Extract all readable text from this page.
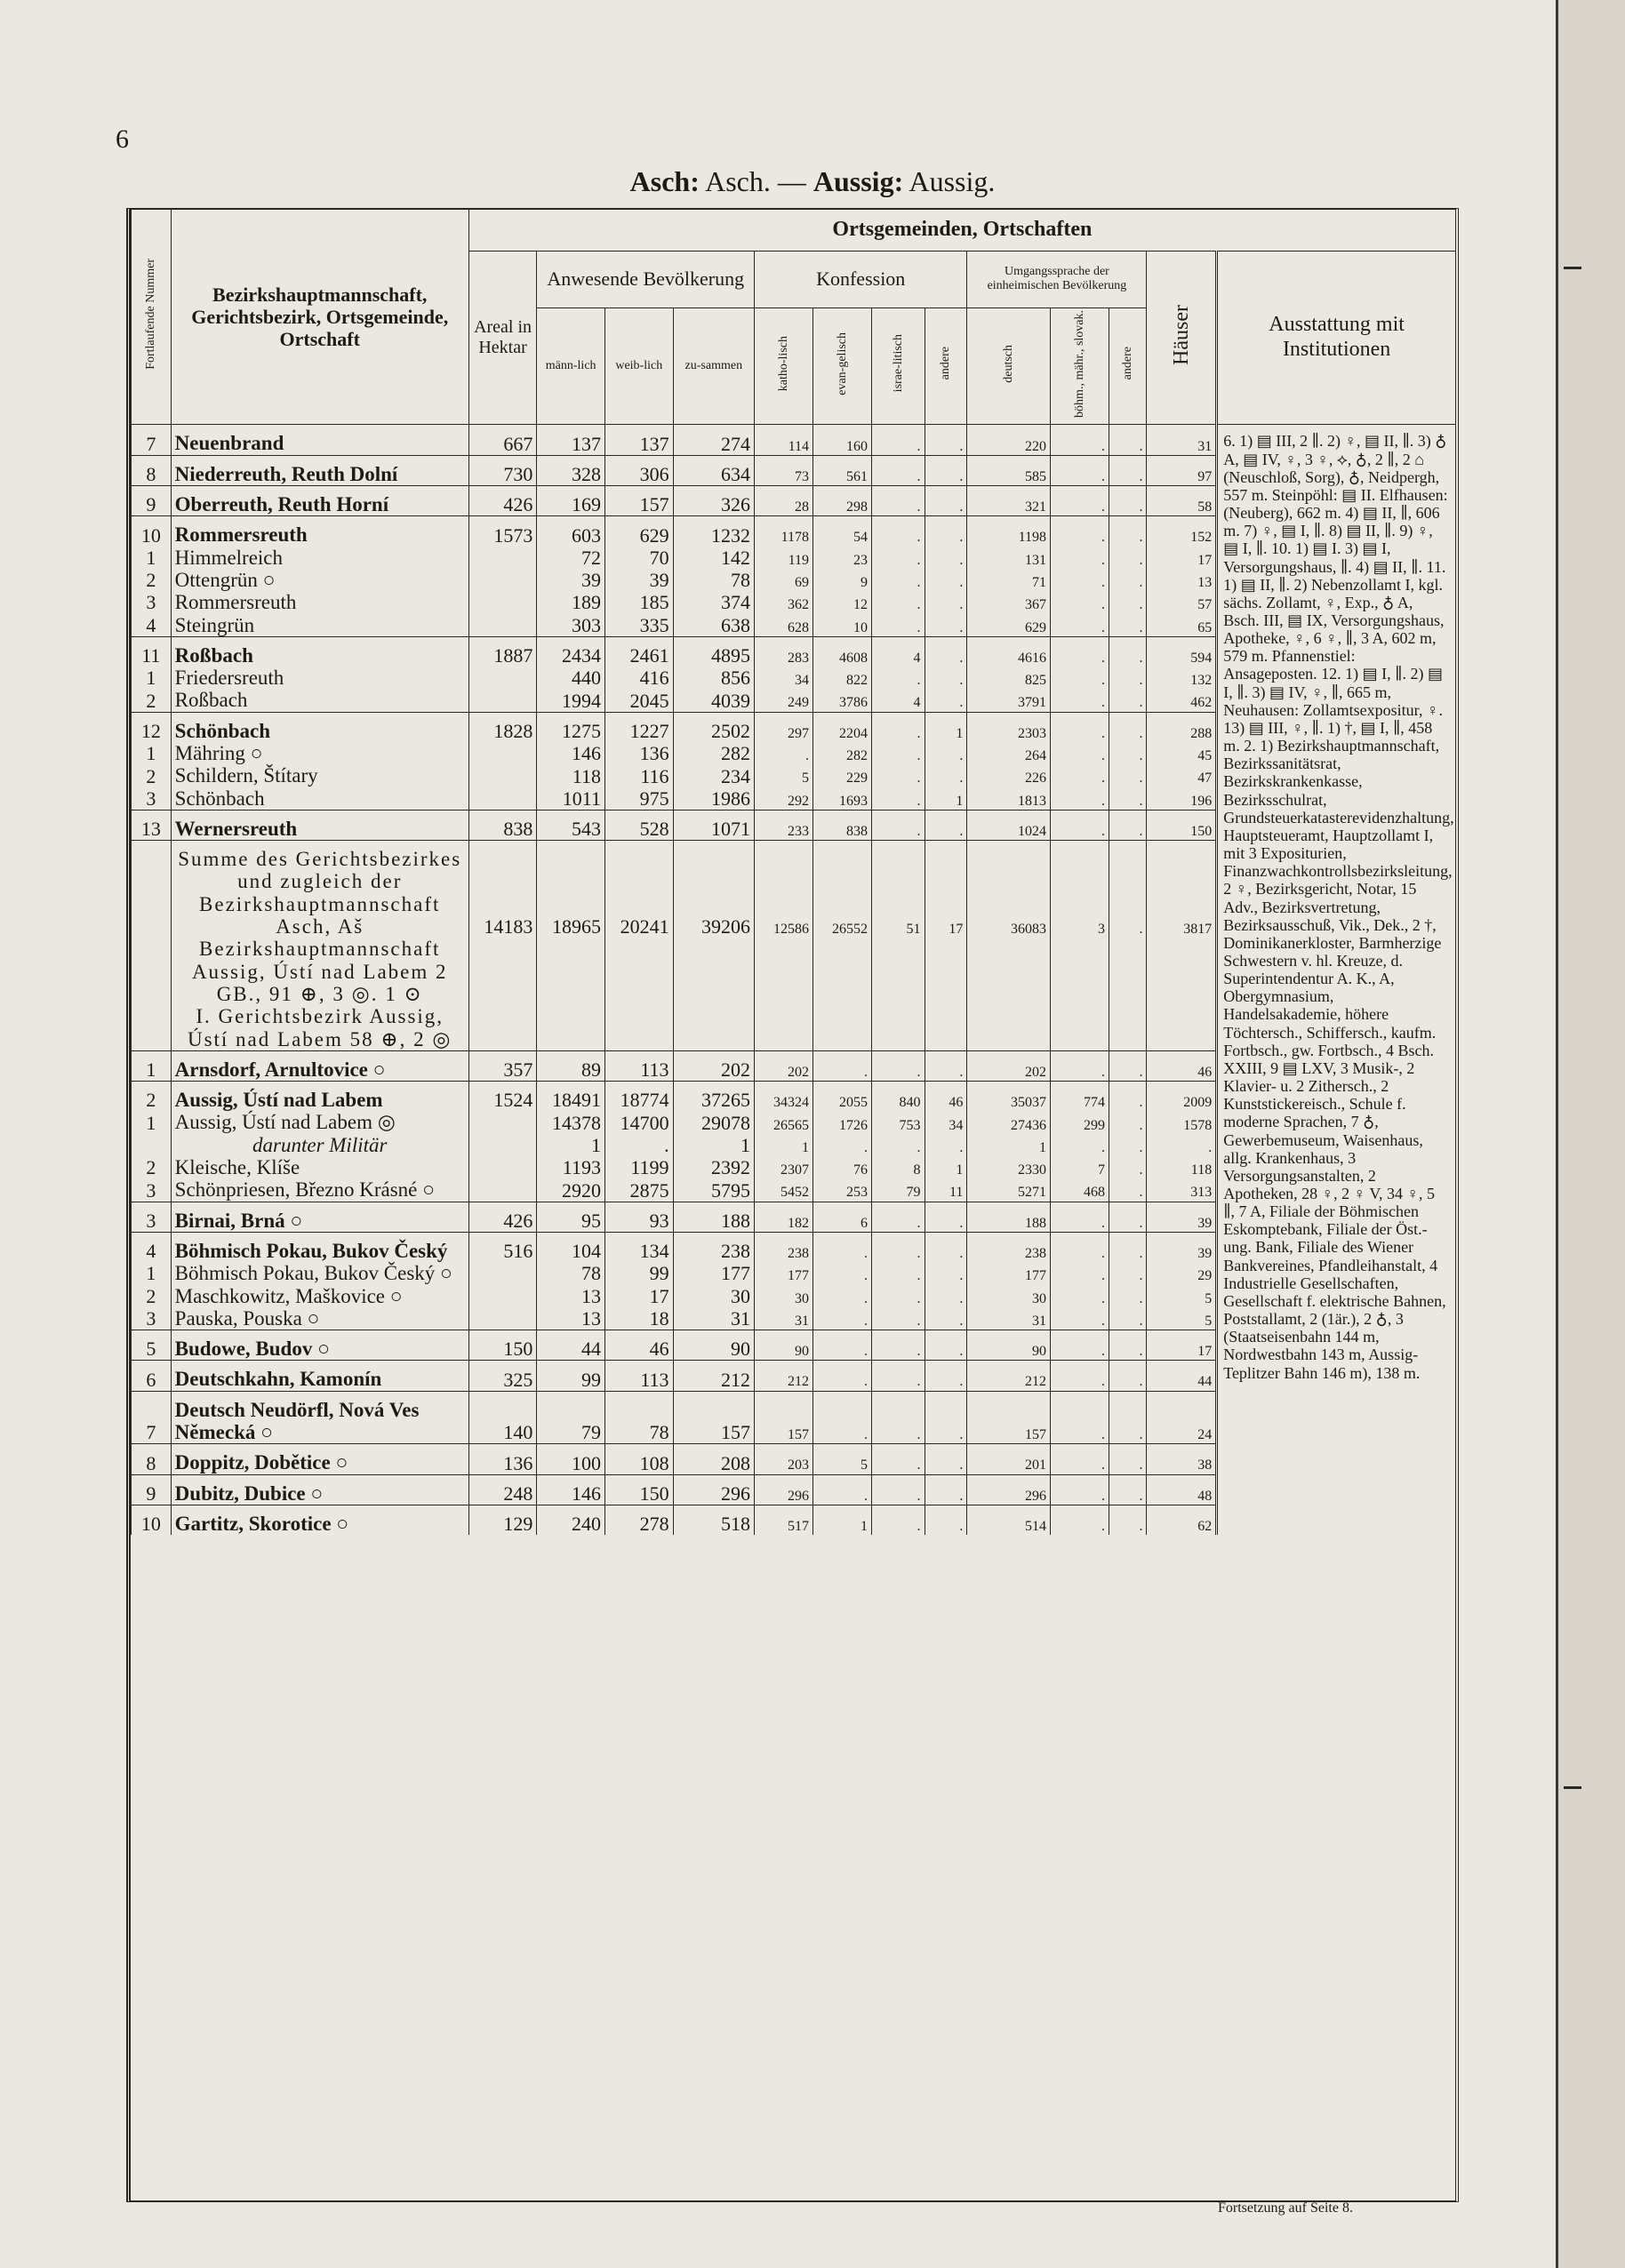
6
Asch: Asch. — Aussig: Aussig.
Fortlaufende Nummer	Bezirkshauptmannschaft, Gerichtsbezirk, Ortsgemeinde, Ortschaft	Ortsgemeinden, Ortschaften												
		Areal in Hektar	Anwesende Bevölkerung			Konfession				Umgangssprache der einheimischen Bevölkerung			Häuser	Ausstattung mit Institutionen
			männ-lich	weib-lich	zu-sammen	katho-lisch	evan-gelisch	israe-litisch	andere	deutsch	böhm., mähr., slovak.	andere		
7	Neuenbrand	667	137	137	274	114	160	.	.	220	.	.	31	6. 1) ▤ III, 2 ∥. 2) ♀, ▤ II, ∥. 3) ♁ A, ▤ IV, ♀, 3 ♀, ⟡, ♁, 2 ∥, 2 ⌂ (Neuschloß, Sorg), ♁, Neidpergh, 557 m. Steinpöhl: ▤ II. Elfhausen: (Neuberg), 662 m. 4) ▤ II, ∥, 606 m. 7) ♀, ▤ I, ∥. 8) ▤ II, ∥. 9) ♀, ▤ I, ∥. 10. 1) ▤ I. 3) ▤ I, Versorgungshaus, ∥. 4) ▤ II, ∥. 11. 1) ▤ II, ∥. 2) Nebenzollamt I, kgl. sächs. Zollamt, ♀, Exp., ♁ A, Bsch. III, ▤ IX, Versorgungshaus, Apotheke, ♀, 6 ♀, ∥, 3 A, 602 m, 579 m. Pfannenstiel: Ansageposten. 12. 1) ▤ I, ∥. 2) ▤ I, ∥. 3) ▤ IV, ♀, ∥, 665 m, Neuhausen: Zollamtsexpositur, ♀. 13) ▤ III, ♀, ∥. 1) †, ▤ I, ∥, 458 m. 2. 1) Bezirkshauptmannschaft, Bezirkssanitätsrat, Bezirkskrankenkasse, Bezirksschulrat, Grundsteuerkatasterevidenzhaltung, Hauptsteueramt, Hauptzollamt I, mit 3 Expositurien, Finanzwachkontrollsbezirksleitung, 2 ♀, Bezirksgericht, Notar, 15 Adv., Bezirksvertretung, Bezirksausschuß, Vik., Dek., 2 †, Dominikanerkloster, Barmherzige Schwestern v. hl. Kreuze, d. Superintendentur A. K., A, Obergymnasium, Handelsakademie, höhere Töchtersch., Schiffersch., kaufm. Fortbsch., gw. Fortbsch., 4 Bsch. XXIII, 9 ▤ LXV, 3 Musik-, 2 Klavier- u. 2 Zithersch., 2 Kunststickereisch., Schule f. moderne Sprachen, 7 ♁, Gewerbemuseum, Waisenhaus, allg. Krankenhaus, 3 Versorgungsanstalten, 2 Apotheken, 28 ♀, 2 ♀ V, 34 ♀, 5 ∥, 7 A, Filiale der Böhmischen Eskomptebank, Filiale der Öst.-ung. Bank, Filiale des Wiener Bankvereines, Pfandleihanstalt, 4 Industrielle Gesellschaften, Gesellschaft f. elektrische Bahnen, Poststallamt, 2 (1är.), 2 ♁, 3 (Staatseisenbahn 144 m, Nordwestbahn 143 m, Aussig-Teplitzer Bahn 146 m), 138 m.
8	Niederreuth, Reuth Dolní	730	328	306	634	73	561	.	.	585	.	.	97	
9	Oberreuth, Reuth Horní	426	169	157	326	28	298	.	.	321	.	.	58	
10	Rommersreuth	1573	603	629	1232	1178	54	.	.	1198	.	.	152	
1	Himmelreich		72	70	142	119	23	.	.	131	.	.	17	
2	Ottengrün ○		39	39	78	69	9	.	.	71	.	.	13	
3	Rommersreuth		189	185	374	362	12	.	.	367	.	.	57	
4	Steingrün		303	335	638	628	10	.	.	629	.	.	65	
11	Roßbach	1887	2434	2461	4895	283	4608	4	.	4616	.	.	594	
1	Friedersreuth		440	416	856	34	822	.	.	825	.	.	132	
2	Roßbach		1994	2045	4039	249	3786	4	.	3791	.	.	462	
12	Schönbach	1828	1275	1227	2502	297	2204	.	1	2303	.	.	288	
1	Mähring ○		146	136	282	.	282	.	.	264	.	.	45	
2	Schildern, Štítary		118	116	234	5	229	.	.	226	.	.	47	
3	Schönbach		1011	975	1986	292	1693	.	1	1813	.	.	196	
13	Wernersreuth	838	543	528	1071	233	838	.	.	1024	.	.	150	
	Summe des Gerichtsbezirkes und zugleich der Bezirkshauptmannschaft Asch, Aš	14183	18965	20241	39206	12586	26552	51	17	36083	3	.	3817	
	Bezirkshauptmannschaft Aussig, Ústí nad Labem 2 GB., 91 ⊕, 3 ◎. 1 ⊙													
	I. Gerichtsbezirk Aussig, Ústí nad Labem 58 ⊕, 2 ◎													
1	Arnsdorf, Arnultovice ○	357	89	113	202	202	.	.	.	202	.	.	46	
2	Aussig, Ústí nad Labem	1524	18491	18774	37265	34324	2055	840	46	35037	774	.	2009	
1	Aussig, Ústí nad Labem ◎		14378	14700	29078	26565	1726	753	34	27436	299	.	1578	
	darunter Militär		1	.	1	1	.	.	.	1	.	.	.	
2	Kleische, Klíše		1193	1199	2392	2307	76	8	1	2330	7	.	118	
3	Schönpriesen, Březno Krásné ○		2920	2875	5795	5452	253	79	11	5271	468	.	313	
3	Birnai, Brná ○	426	95	93	188	182	6	.	.	188	.	.	39	
4	Böhmisch Pokau, Bukov Český	516	104	134	238	238	.	.	.	238	.	.	39	
1	Böhmisch Pokau, Bukov Český ○		78	99	177	177	.	.	.	177	.	.	29	
2	Maschkowitz, Maškovice ○		13	17	30	30	.	.	.	30	.	.	5	
3	Pauska, Pouska ○		13	18	31	31	.	.	.	31	.	.	5	
5	Budowe, Budov ○	150	44	46	90	90	.	.	.	90	.	.	17	
6	Deutschkahn, Kamonín	325	99	113	212	212	.	.	.	212	.	.	44	
7	Deutsch Neudörfl, Nová Ves Německá ○	140	79	78	157	157	.	.	.	157	.	.	24	
8	Doppitz, Dobětice ○	136	100	108	208	203	5	.	.	201	.	.	38	
9	Dubitz, Dubice ○	248	146	150	296	296	.	.	.	296	.	.	48	
10	Gartitz, Skorotice ○	129	240	278	518	517	1	.	.	514	.	.	62	
Fortsetzung auf Seite 8.
